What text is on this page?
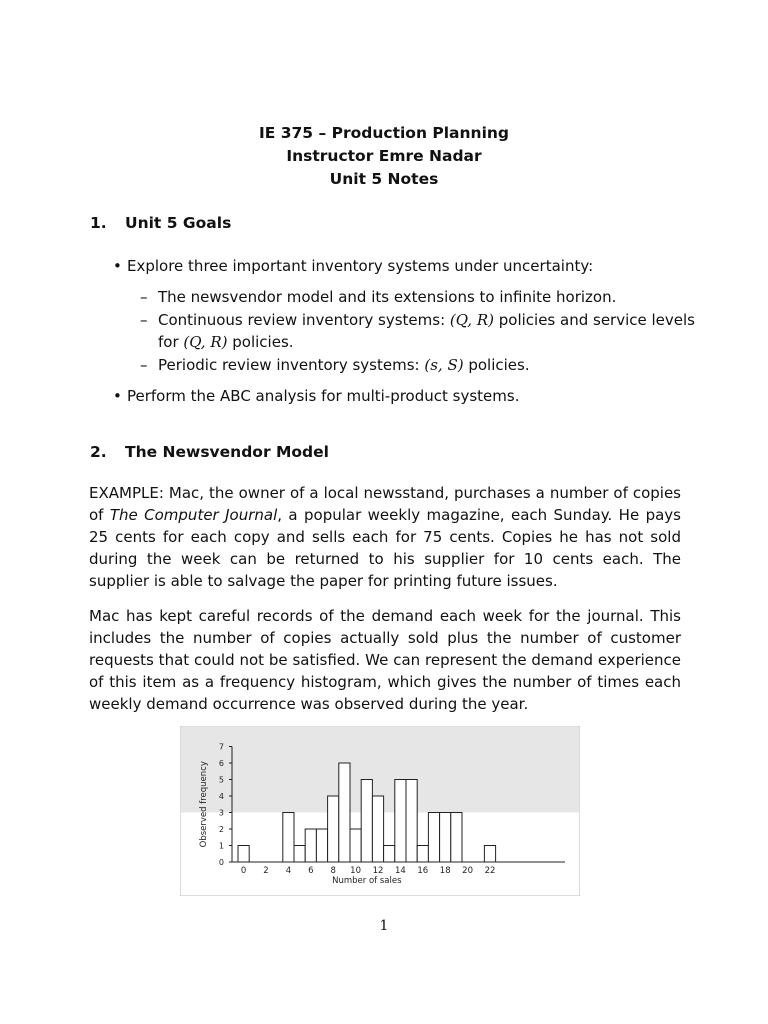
IE 375 – Production Planning
Instructor Emre Nadar
Unit 5 Notes
1. Unit 5 Goals
• Explore three important inventory systems under uncertainty:
– The newsvendor model and its extensions to infinite horizon.
– Continuous review inventory systems: (Q, R) policies and service levels
for (Q, R) policies.
– Periodic review inventory systems: (s, S) policies.
• Perform the ABC analysis for multi-product systems.
2. The Newsvendor Model
EXAMPLE: Mac, the owner of a local newsstand, purchases a number of copies of The Computer Journal, a popular weekly magazine, each Sunday. He pays 25 cents for each copy and sells each for 75 cents. Copies he has not sold during the week can be returned to his supplier for 10 cents each. The supplier is able to salvage the paper for printing future issues.
Mac has kept careful records of the demand each week for the journal. This includes the number of copies actually sold plus the number of customer requests that could not be satisfied. We can represent the demand experience of this item as a frequency histogram, which gives the number of times each weekly demand occurrence was observed during the year.
0
1
2
3
4
5
6
7
Observed frequency
0 2 4 6 8 10 12 14 16 18 20 22
Number of sales
1
